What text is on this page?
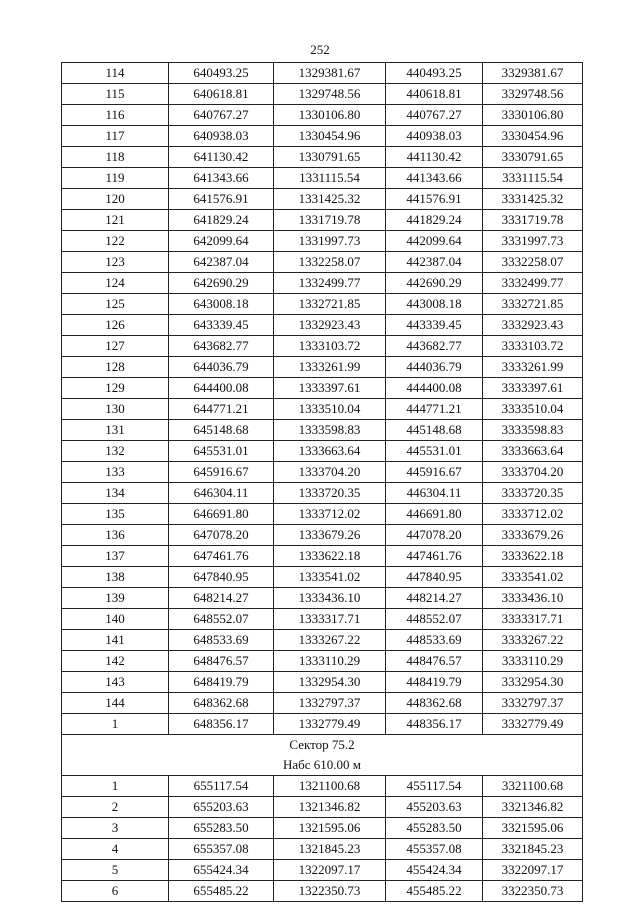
252
114	640493.25	1329381.67	440493.25	3329381.67
115	640618.81	1329748.56	440618.81	3329748.56
116	640767.27	1330106.80	440767.27	3330106.80
117	640938.03	1330454.96	440938.03	3330454.96
118	641130.42	1330791.65	441130.42	3330791.65
119	641343.66	1331115.54	441343.66	3331115.54
120	641576.91	1331425.32	441576.91	3331425.32
121	641829.24	1331719.78	441829.24	3331719.78
122	642099.64	1331997.73	442099.64	3331997.73
123	642387.04	1332258.07	442387.04	3332258.07
124	642690.29	1332499.77	442690.29	3332499.77
125	643008.18	1332721.85	443008.18	3332721.85
126	643339.45	1332923.43	443339.45	3332923.43
127	643682.77	1333103.72	443682.77	3333103.72
128	644036.79	1333261.99	444036.79	3333261.99
129	644400.08	1333397.61	444400.08	3333397.61
130	644771.21	1333510.04	444771.21	3333510.04
131	645148.68	1333598.83	445148.68	3333598.83
132	645531.01	1333663.64	445531.01	3333663.64
133	645916.67	1333704.20	445916.67	3333704.20
134	646304.11	1333720.35	446304.11	3333720.35
135	646691.80	1333712.02	446691.80	3333712.02
136	647078.20	1333679.26	447078.20	3333679.26
137	647461.76	1333622.18	447461.76	3333622.18
138	647840.95	1333541.02	447840.95	3333541.02
139	648214.27	1333436.10	448214.27	3333436.10
140	648552.07	1333317.71	448552.07	3333317.71
141	648533.69	1333267.22	448533.69	3333267.22
142	648476.57	1333110.29	448476.57	3333110.29
143	648419.79	1332954.30	448419.79	3332954.30
144	648362.68	1332797.37	448362.68	3332797.37
1	648356.17	1332779.49	448356.17	3332779.49

Сектор 75.2
Набс 610.00 м				

1	655117.54	1321100.68	455117.54	3321100.68
2	655203.63	1321346.82	455203.63	3321346.82
3	655283.50	1321595.06	455283.50	3321595.06
4	655357.08	1321845.23	455357.08	3321845.23
5	655424.34	1322097.17	455424.34	3322097.17
6	655485.22	1322350.73	455485.22	3322350.73
